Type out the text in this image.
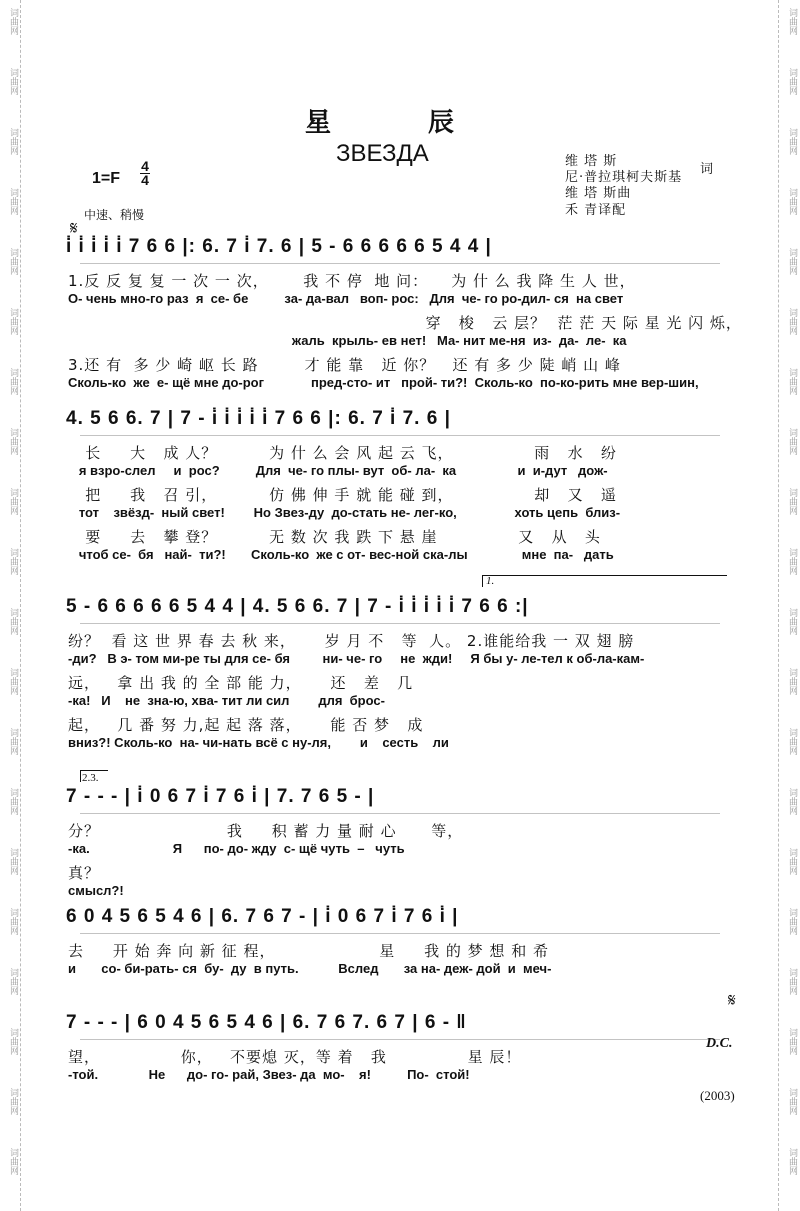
词曲网
词曲网
词曲网
词曲网
词曲网
词曲网
词曲网
词曲网
词曲网
词曲网
词曲网
词曲网
词曲网
词曲网
词曲网
词曲网
词曲网
词曲网
词曲网
词曲网
词曲网
词曲网
词曲网
词曲网
词曲网
词曲网
词曲网
词曲网
词曲网
词曲网
词曲网
词曲网
词曲网
词曲网
词曲网
词曲网
词曲网
词曲网
词曲网
词曲网
星 辰
ЗВЕЗДА
1=F
4
4
中速、稍慢
𝄋
维 塔 斯
尼·普拉琪柯夫斯基
词
维 塔 斯曲
禾 青译配
i̇ i̇ i̇ i̇ i̇ 7 6 6 |: 6. 7 i̇ 7. 6 | 5 - 6 6 6 6 6 5 4 4 |
1.反 反 复 复 一 次 一 次，      我 不 停  地 问：    为 什 么 我 降 生 人 世，
О- чень мно-го раз  я  се- бе          за- да-вал   воп- рос:   Для  че- го ро-дил- ся  на свет
穿   梭   云 层？  茫 茫 天 际 星 光 闪 烁，
жаль  крыль- ев нет!   Ма- нит ме-ня  из-  да-  ле-  ка
3.还 有  多 少 崎 岖 长 路        才 能 靠   近 你？   还 有 多 少 陡 峭 山 峰
Сколь-ко  же  е- щё мне до-рог             пред-сто- ит   прой- ти?!  Сколь-ко  по-ко-рить мне вер-шин,
4. 5 6 6. 7 | 7 - i̇ i̇ i̇ i̇ i̇ 7 6 6 |: 6. 7 i̇ 7. 6 |
长     大   成 人？         为 什 么 会 风 起 云 飞，              雨   水   纷
я взро-слел     и  рос?          Для  че- го плы- вут  об- ла-  ка                 и  и-дут   дож-
把     我   召 引，         仿 佛 伸 手 就 能 碰 到，              却   又   遥
тот    звёзд-  ный свет!        Но Звез-ду  до-стать не- лег-ко,                хоть цепь  близ-
要     去   攀 登？         无 数 次 我 跌 下 悬 崖              又   从   头
чтоб се-  бя   най-  ти?!       Сколь-ко  же с от- вес-ной ска-лы               мне  па-   дать
5 - 6 6 6 6 6 5 4 4 | 4. 5 6 6. 7 | 7 - i̇ i̇ i̇ i̇ i̇ 7 6 6 :|
纷？  看 这 世 界 春 去 秋 来，     岁 月 不   等  人。 2.谁能给我 一 双 翅 膀
-ди?   В э- том ми-ре ты для се- бя         ни- че- го     не  жди!     Я бы у- ле-тел к об-ла-кам-
远，   拿 出 我 的 全 部 能 力，     还   差   几
-ка!   И    не  зна-ю, хва- тит ли сил        для  брос-
起，   几 番 努 力,起 起 落 落，     能 否 梦   成
вниз?! Сколь-ко  на- чи-нать всё с ну-ля,        и    сесть    ли
7 - - - | i̇ 0 6 7 i̇ 7 6 i̇ | 7. 7 6 5 - |
分？                      我     积 蓄 力 量 耐 心      等，
-ка.                       Я      по- до- жду  с- щё чуть  –   чуть
真？
смысл?!
6 0 4 5 6 5 4 6 | 6. 7 6 7 - | i̇ 0 6 7 i̇ 7 6 i̇ |
去     开 始 奔 向 新 征 程，                  星     我 的 梦 想 和 希
и       со- би-рать- ся  бу-  ду  в путь.           Вслед       за на- деж- дой  и  меч-
7 - - - | 6 0 4 5 6 5 4 6 | 6. 7 6 7. 6 7 | 6 - ‖
望，              你，   不要熄 灭，等 着   我              星 辰！
-той.              Не      до- го- рай, Звез- да  мо-    я!          По-  стой!
1.
2.3.
𝄋
D.C.
(2003)
